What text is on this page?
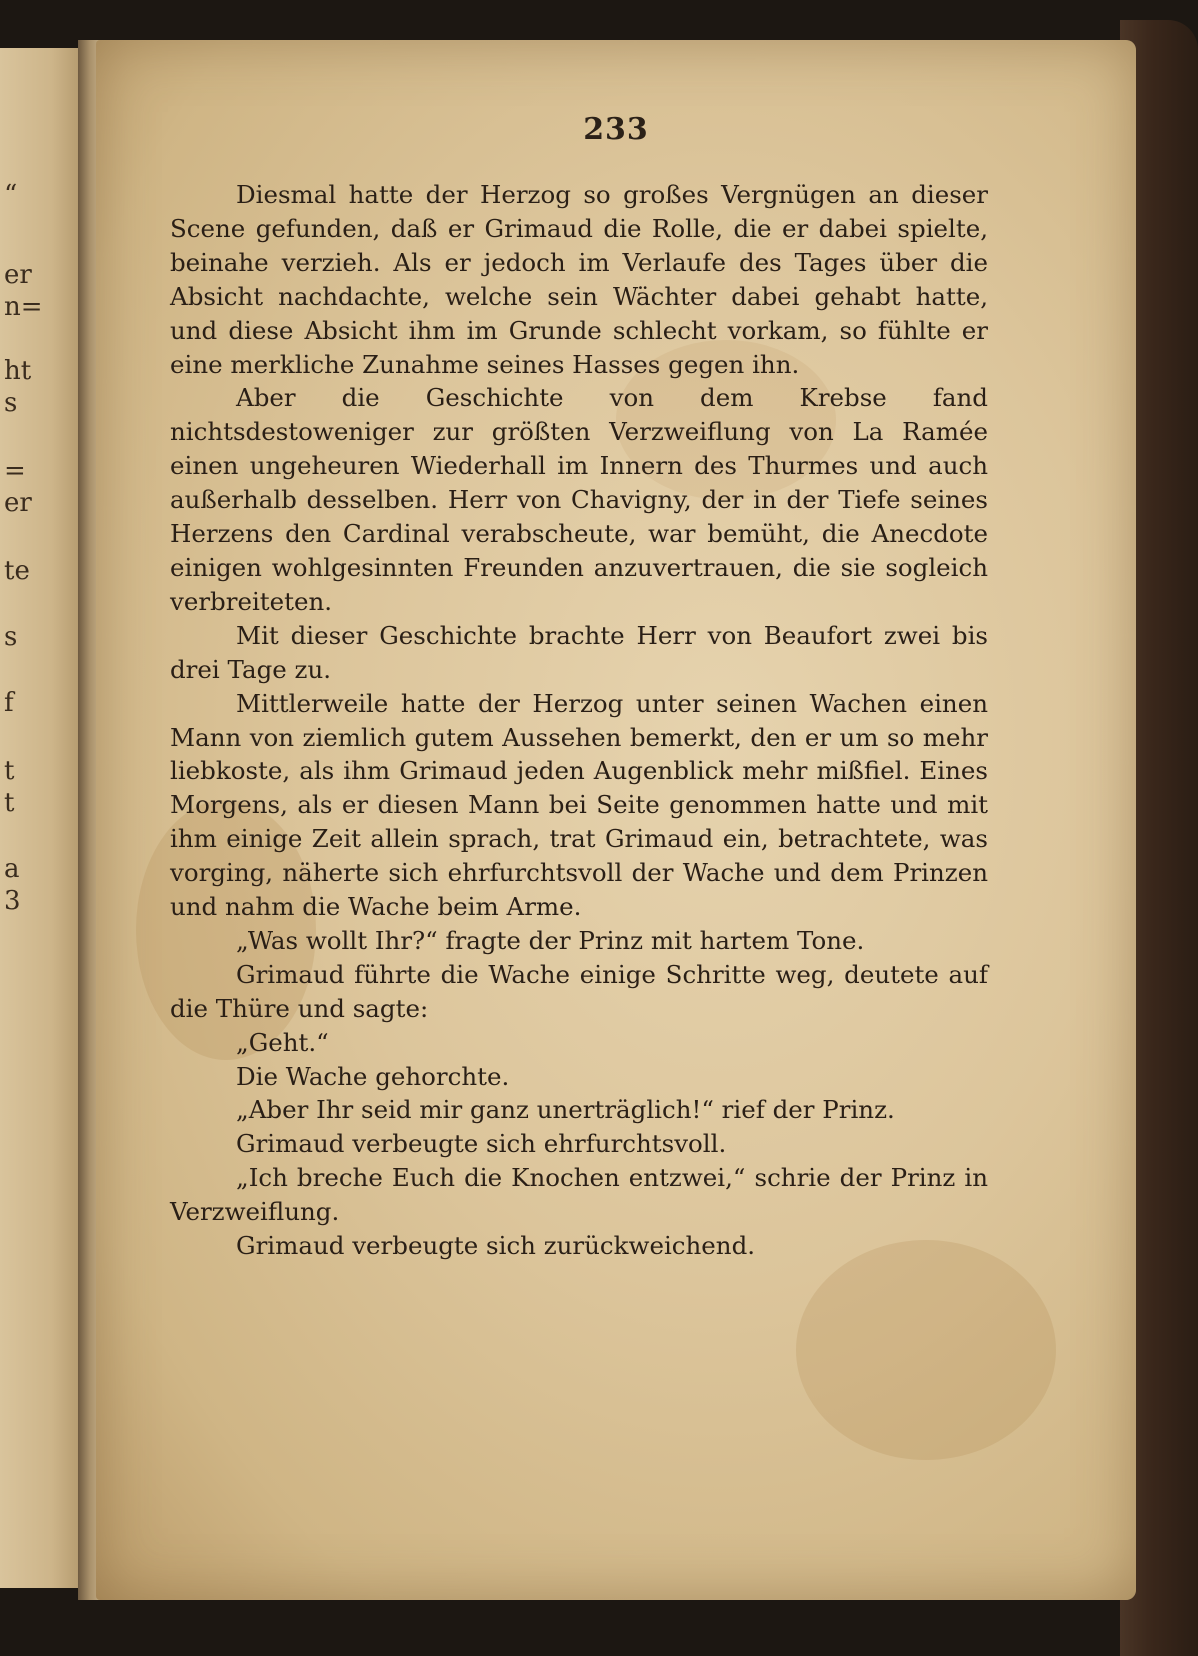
“
er
n=
ht
s
=
er
te
s
f
t
t
a
3
233

Diesmal hatte der Herzog so großes Vergnügen an dieser Scene gefunden, daß er Grimaud die Rolle, die er dabei spielte, beinahe verzieh. Als er jedoch im Verlaufe des Tages über die Absicht nachdachte, welche sein Wächter dabei gehabt hatte, und diese Absicht ihm im Grunde schlecht vorkam, so fühlte er eine merkliche Zunahme seines Hasses gegen ihn.

Aber die Geschichte von dem Krebse fand nichtsdestoweniger zur größten Verzweiflung von La Ramée einen ungeheuren Wiederhall im Innern des Thurmes und auch außerhalb desselben. Herr von Chavigny, der in der Tiefe seines Herzens den Cardinal verabscheute, war bemüht, die Anecdote einigen wohlgesinnten Freunden anzuvertrauen, die sie sogleich verbreiteten.

Mit dieser Geschichte brachte Herr von Beaufort zwei bis drei Tage zu.

Mittlerweile hatte der Herzog unter seinen Wachen einen Mann von ziemlich gutem Aussehen bemerkt, den er um so mehr liebkoste, als ihm Grimaud jeden Augenblick mehr mißfiel. Eines Morgens, als er diesen Mann bei Seite genommen hatte und mit ihm einige Zeit allein sprach, trat Grimaud ein, betrachtete, was vorging, näherte sich ehrfurchtsvoll der Wache und dem Prinzen und nahm die Wache beim Arme.

„Was wollt Ihr?“ fragte der Prinz mit hartem Tone.

Grimaud führte die Wache einige Schritte weg, deutete auf die Thüre und sagte:

„Geht.“

Die Wache gehorchte.

„Aber Ihr seid mir ganz unerträglich!“ rief der Prinz.

Grimaud verbeugte sich ehrfurchtsvoll.

„Ich breche Euch die Knochen entzwei,“ schrie der Prinz in Verzweiflung.

Grimaud verbeugte sich zurückweichend.
